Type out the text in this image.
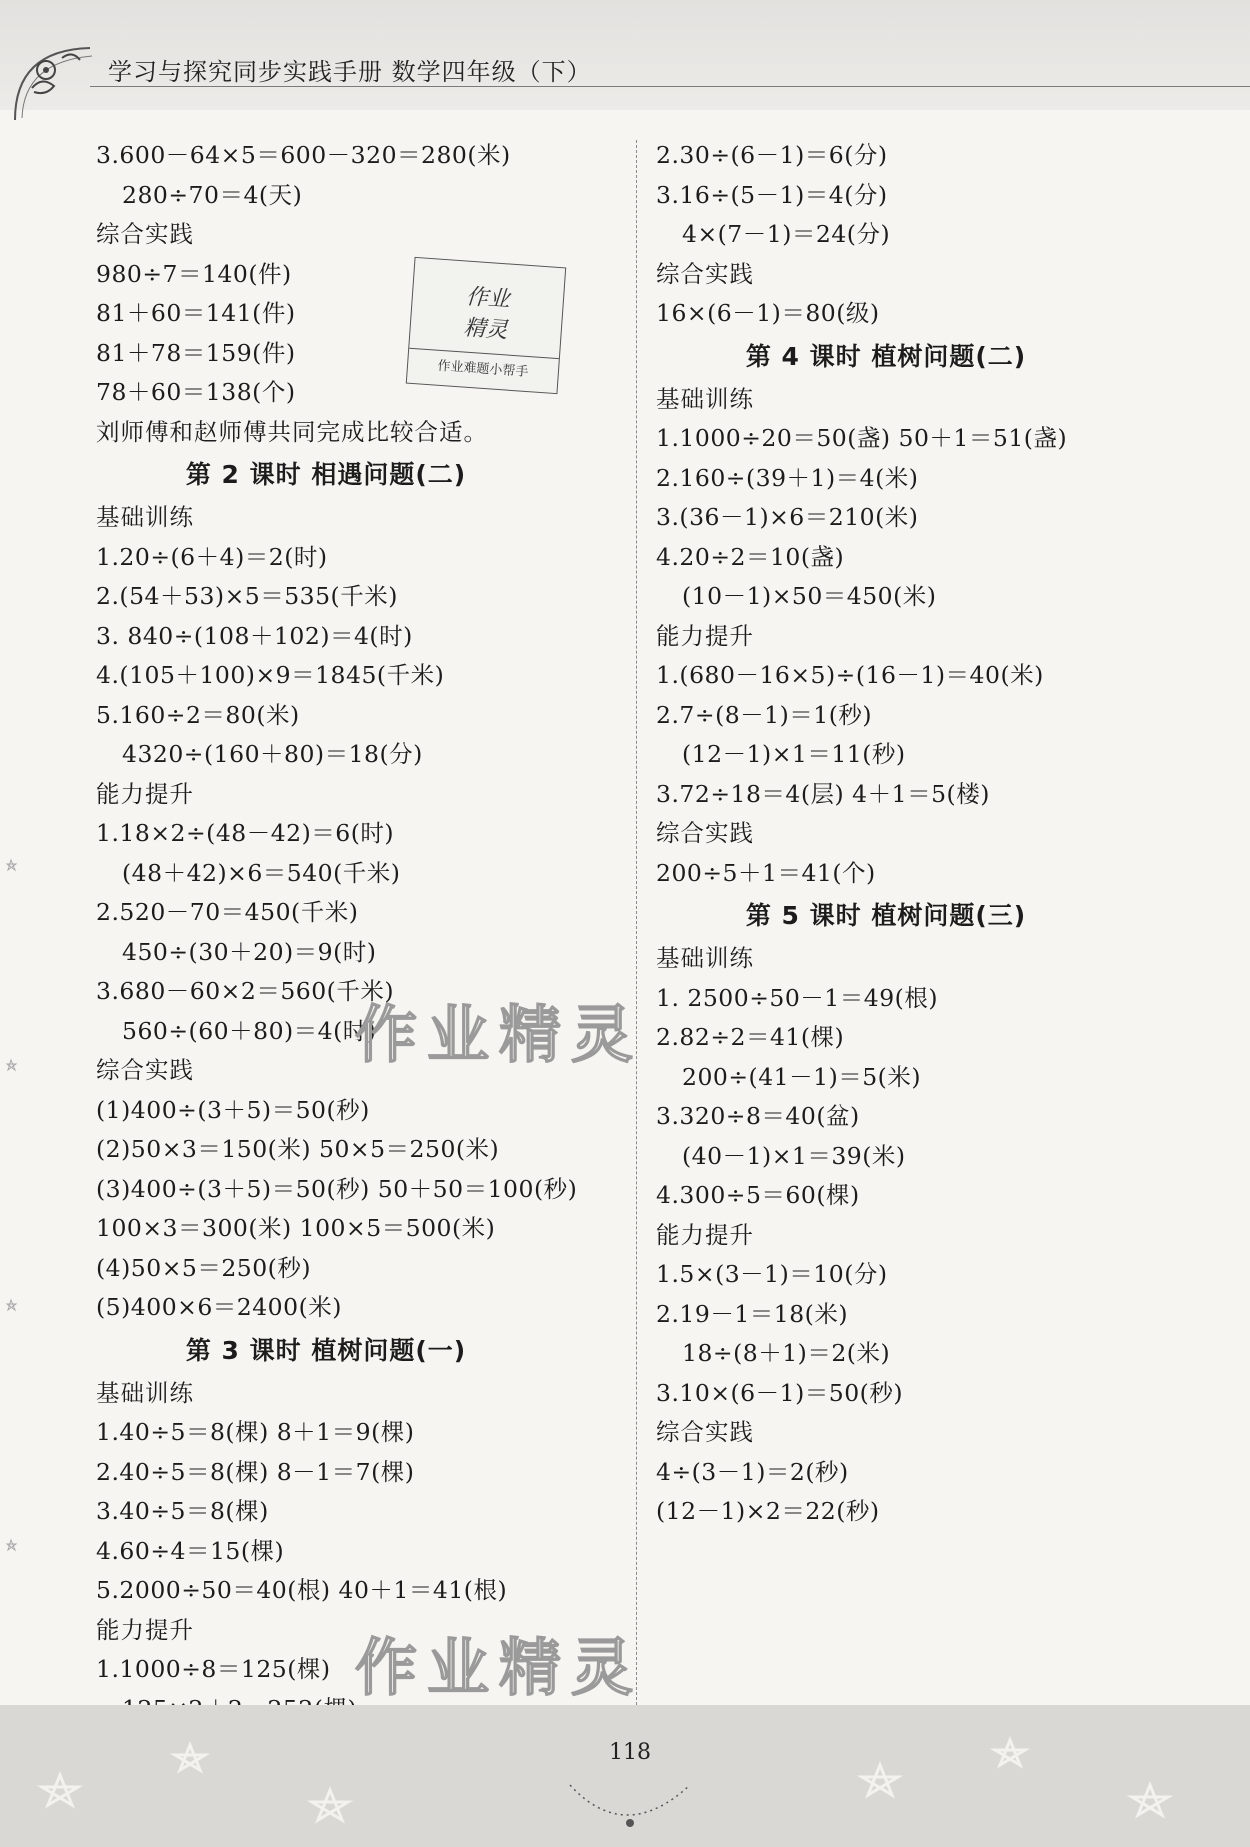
学习与探究同步实践手册 数学四年级（下）
3.600－64×5＝600－320＝280(米)
280÷70＝4(天)
综合实践
980÷7＝140(件)
81＋60＝141(件)
81＋78＝159(件)
78＋60＝138(个)
刘师傅和赵师傅共同完成比较合适。
第 2 课时 相遇问题(二)
基础训练
1.20÷(6＋4)＝2(时)
2.(54＋53)×5＝535(千米)
3. 840÷(108＋102)＝4(时)
4.(105＋100)×9＝1845(千米)
5.160÷2＝80(米)
4320÷(160＋80)＝18(分)
能力提升
1.18×2÷(48－42)＝6(时)
(48＋42)×6＝540(千米)
2.520－70＝450(千米)
450÷(30＋20)＝9(时)
3.680－60×2＝560(千米)
560÷(60＋80)＝4(时)
综合实践
(1)400÷(3＋5)＝50(秒)
(2)50×3＝150(米) 50×5＝250(米)
(3)400÷(3＋5)＝50(秒) 50＋50＝100(秒)
100×3＝300(米) 100×5＝500(米)
(4)50×5＝250(秒)
(5)400×6＝2400(米)
第 3 课时 植树问题(一)
基础训练
1.40÷5＝8(棵) 8＋1＝9(棵)
2.40÷5＝8(棵) 8－1＝7(棵)
3.40÷5＝8(棵)
4.60÷4＝15(棵)
5.2000÷50＝40(根) 40＋1＝41(根)
能力提升
1.1000÷8＝125(棵)
2.30÷(6－1)＝6(分)
3.16÷(5－1)＝4(分)
4×(7－1)＝24(分)
综合实践
16×(6－1)＝80(级)
第 4 课时 植树问题(二)
基础训练
1.1000÷20＝50(盏) 50＋1＝51(盏)
2.160÷(39＋1)＝4(米)
3.(36－1)×6＝210(米)
4.20÷2＝10(盏)
(10－1)×50＝450(米)
能力提升
1.(680－16×5)÷(16－1)＝40(米)
2.7÷(8－1)＝1(秒)
(12－1)×1＝11(秒)
3.72÷18＝4(层) 4＋1＝5(楼)
综合实践
200÷5＋1＝41(个)
第 5 课时 植树问题(三)
基础训练
1. 2500÷50－1＝49(根)
2.82÷2＝41(棵)
200÷(41－1)＝5(米)
3.320÷8＝40(盆)
(40－1)×1＝39(米)
4.300÷5＝60(棵)
能力提升
1.5×(3－1)＝10(分)
2.19－1＝18(米)
18÷(8＋1)＝2(米)
3.10×(6－1)＝50(秒)
综合实践
4÷(3－1)＝2(秒)
(12－1)×2＝22(秒)
作业
精灵
作业难题小帮手
作业精灵
作业精灵
118
